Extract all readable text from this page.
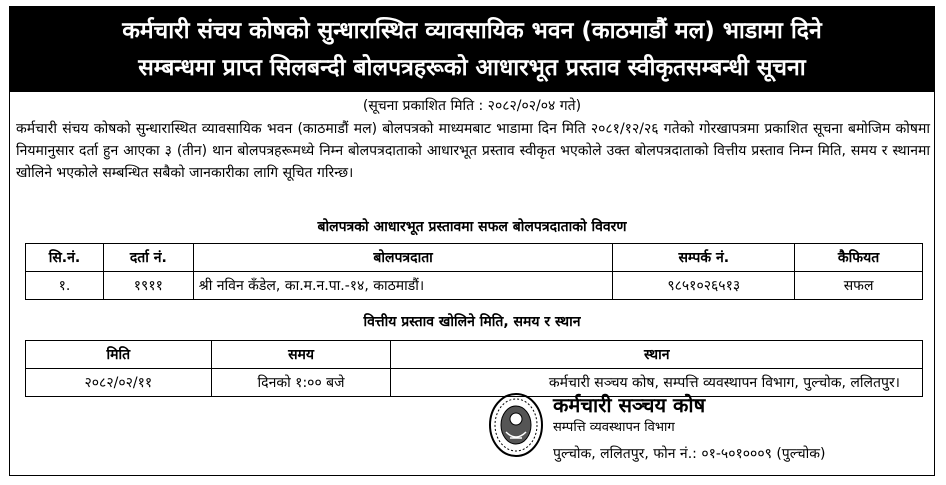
कर्मचारी संचय कोषको सुन्धारास्थित व्यावसायिक भवन (काठमाडौं मल) भाडामा दिने
सम्बन्धमा प्राप्त सिलबन्दी बोलपत्रहरूको आधारभूत प्रस्ताव स्वीकृतसम्बन्धी सूचना
(सूचना प्रकाशित मिति : २०८२/०२/०४ गते)
कर्मचारी संचय कोषको सुन्धारास्थित व्यावसायिक भवन (काठमाडौं मल) बोलपत्रको माध्यमबाट भाडामा दिन मिति २०८१/१२/२६ गतेको गोरखापत्रमा प्रकाशित सूचना बमोजिम कोषमा नियमानुसार दर्ता हुन आएका ३ (तीन) थान बोलपत्रहरूमध्ये निम्न बोलपत्रदाताको आधारभूत प्रस्ताव स्वीकृत भएकोले उक्त बोलपत्रदाताको वित्तीय प्रस्ताव निम्न मिति, समय र स्थानमा खोलिने भएकोले सम्बन्धित सबैको जानकारीका लागि सूचित गरिन्छ।
बोलपत्रको आधारभूत प्रस्तावमा सफल बोलपत्रदाताको विवरण
सि.नं.	दर्ता नं.	बोलपत्रदाता	सम्पर्क नं.	कैफियत
१.	१९११	श्री नविन कँडेल, का.म.न.पा.-१४, काठमाडौं।	९८५१०२६५१३	सफल
वित्तीय प्रस्ताव खोलिने मिति, समय र स्थान
मिति	समय	स्थान
२०८२/०२/११	दिनको १:०० बजे	कर्मचारी सञ्चय कोष, सम्पत्ति व्यवस्थापन विभाग, पुल्चोक, ललितपुर।
कर्मचारी सञ्चय कोष
सम्पत्ति व्यवस्थापन विभाग
पुल्चोक, ललितपुर, फोन नं.: ०१-५०१०००९ (पुल्चोक)
